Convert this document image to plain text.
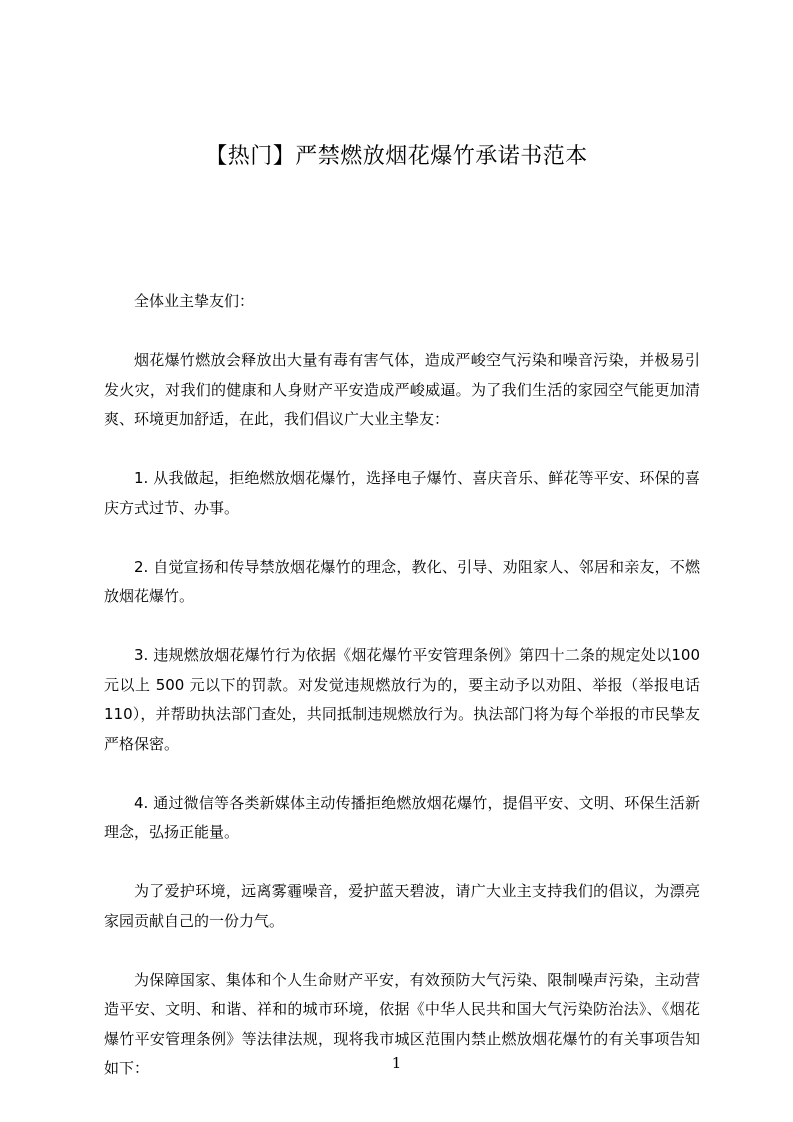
【热门】严禁燃放烟花爆竹承诺书范本

全体业主挚友们：

烟花爆竹燃放会释放出大量有毒有害气体，造成严峻空气污染和噪音污染，并极易引发火灾，对我们的健康和人身财产平安造成严峻威逼。为了我们生活的家园空气能更加清爽、环境更加舒适，在此，我们倡议广大业主挚友：

1. 从我做起，拒绝燃放烟花爆竹，选择电子爆竹、喜庆音乐、鲜花等平安、环保的喜庆方式过节、办事。

2. 自觉宣扬和传导禁放烟花爆竹的理念，教化、引导、劝阻家人、邻居和亲友，不燃放烟花爆竹。

3. 违规燃放烟花爆竹行为依据《烟花爆竹平安管理条例》第四十二条的规定处以100 元以上 500 元以下的罚款。对发觉违规燃放行为的，要主动予以劝阻、举报（举报电话 110），并帮助执法部门查处，共同抵制违规燃放行为。执法部门将为每个举报的市民挚友严格保密。

4. 通过微信等各类新媒体主动传播拒绝燃放烟花爆竹，提倡平安、文明、环保生活新理念，弘扬正能量。

为了爱护环境，远离雾霾噪音，爱护蓝天碧波，请广大业主支持我们的倡议，为漂亮家园贡献自己的一份力气。

为保障国家、集体和个人生命财产平安，有效预防大气污染、限制噪声污染，主动营造平安、文明、和谐、祥和的城市环境，依据《中华人民共和国大气污染防治法》、《烟花爆竹平安管理条例》等法律法规，现将我市城区范围内禁止燃放烟花爆竹的有关事项告知如下：	1
